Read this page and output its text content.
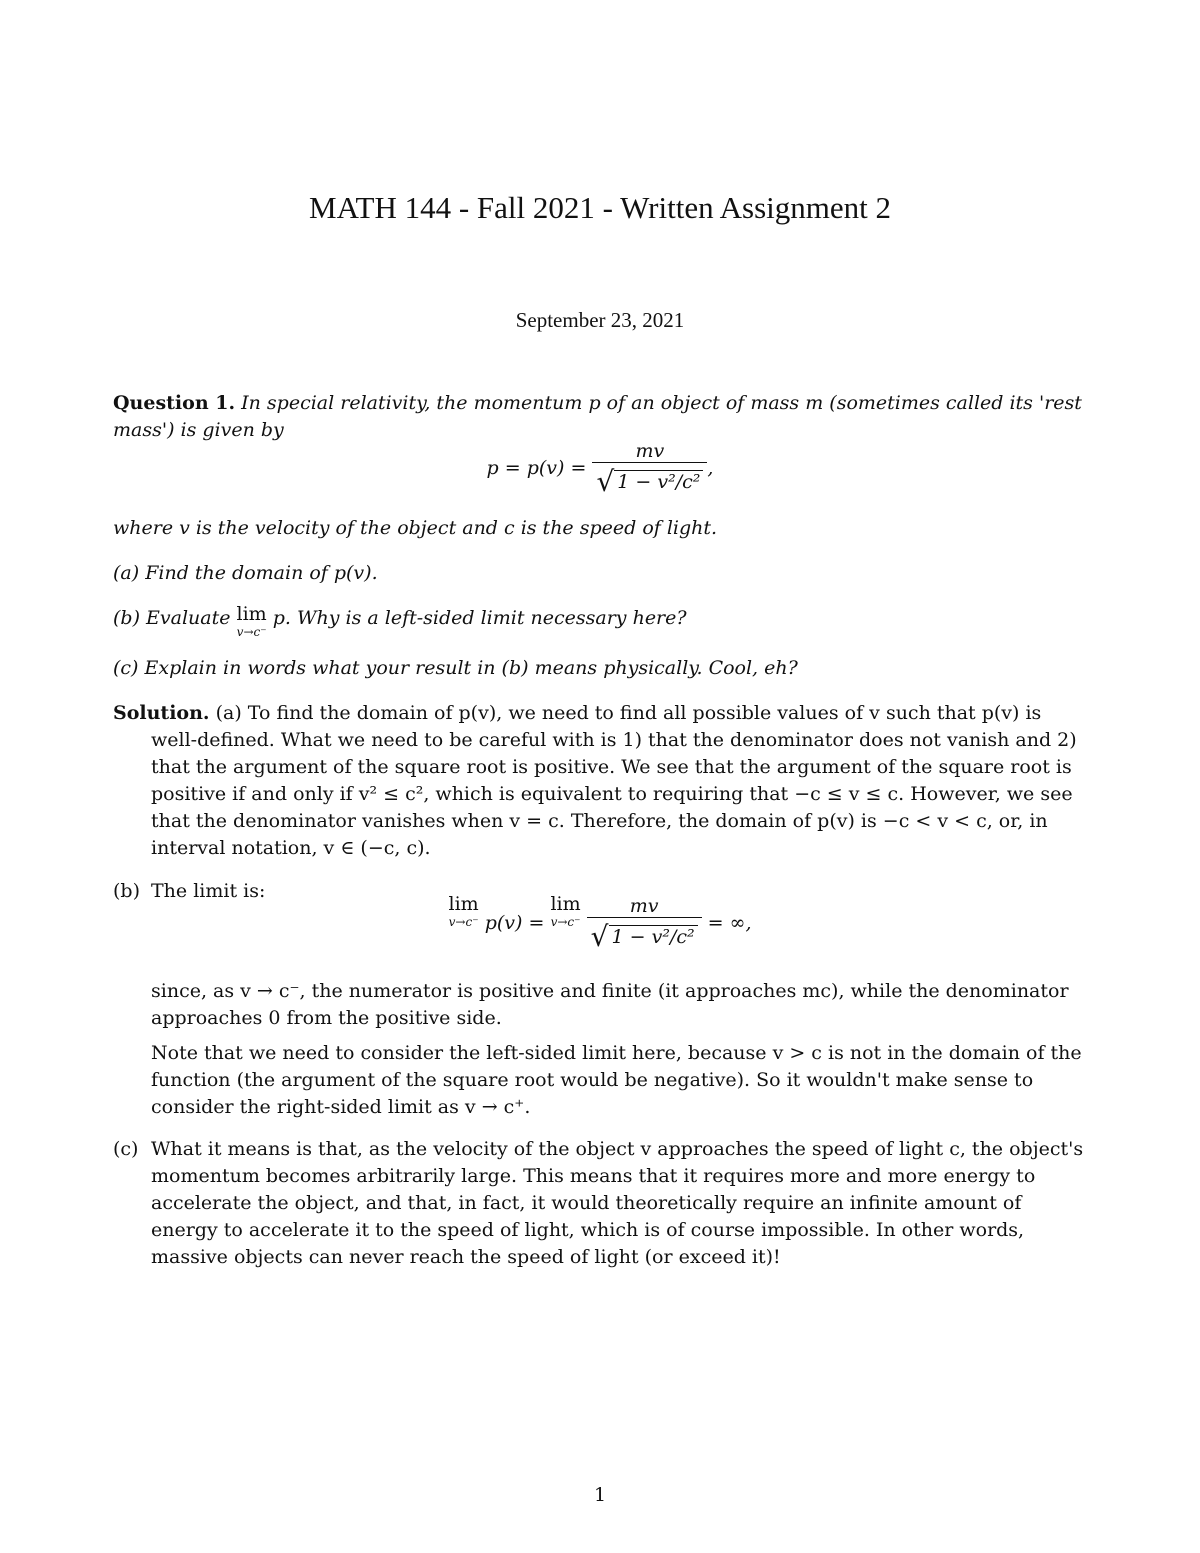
MATH 144 - Fall 2021 - Written Assignment 2
September 23, 2021
Question 1. In special relativity, the momentum p of an object of mass m (sometimes called its 'rest mass') is given by
$p = p(v) = \frac{mv}{\text{√ 1 − v²/c²}}$ ,
where v is the velocity of the object and c is the speed of light.
(a) Find the domain of p(v).
(b) Evaluate lim
v→c⁻
p. Why is a left-sided limit necessary here?
(c) Explain in words what your result in (b) means physically. Cool, eh?
Solution. (a) To find the domain of p(v), we need to find all possible values of v such that p(v) is
well-defined. What we need to be careful with is 1) that the denominator does not vanish and 2) that the argument of the square root is positive. We see that the argument of the square root is positive if and only if v² ≤ c², which is equivalent to requiring that −c ≤ v ≤ c. However, we see that the denominator vanishes when v = c. Therefore, the domain of p(v) is −c < v < c, or, in interval notation, v ∈ (−c, c).
(b) The limit is:
lim
v→c⁻ p(v) = lim
v→c⁻
$\frac{mv}{\text{√ 1 − v²/c²}}$ = ∞,
since, as v → c⁻, the numerator is positive and finite (it approaches mc), while the denominator approaches 0 from the positive side.
Note that we need to consider the left-sided limit here, because v > c is not in the domain of the function (the argument of the square root would be negative). So it wouldn't make sense to consider the right-sided limit as v → c⁺.
(c) What it means is that, as the velocity of the object v approaches the speed of light c, the object's momentum becomes arbitrarily large. This means that it requires more and more energy to accelerate the object, and that, in fact, it would theoretically require an infinite amount of energy to accelerate it to the speed of light, which is of course impossible. In other words, massive objects can never reach the speed of light (or exceed it)!
1
